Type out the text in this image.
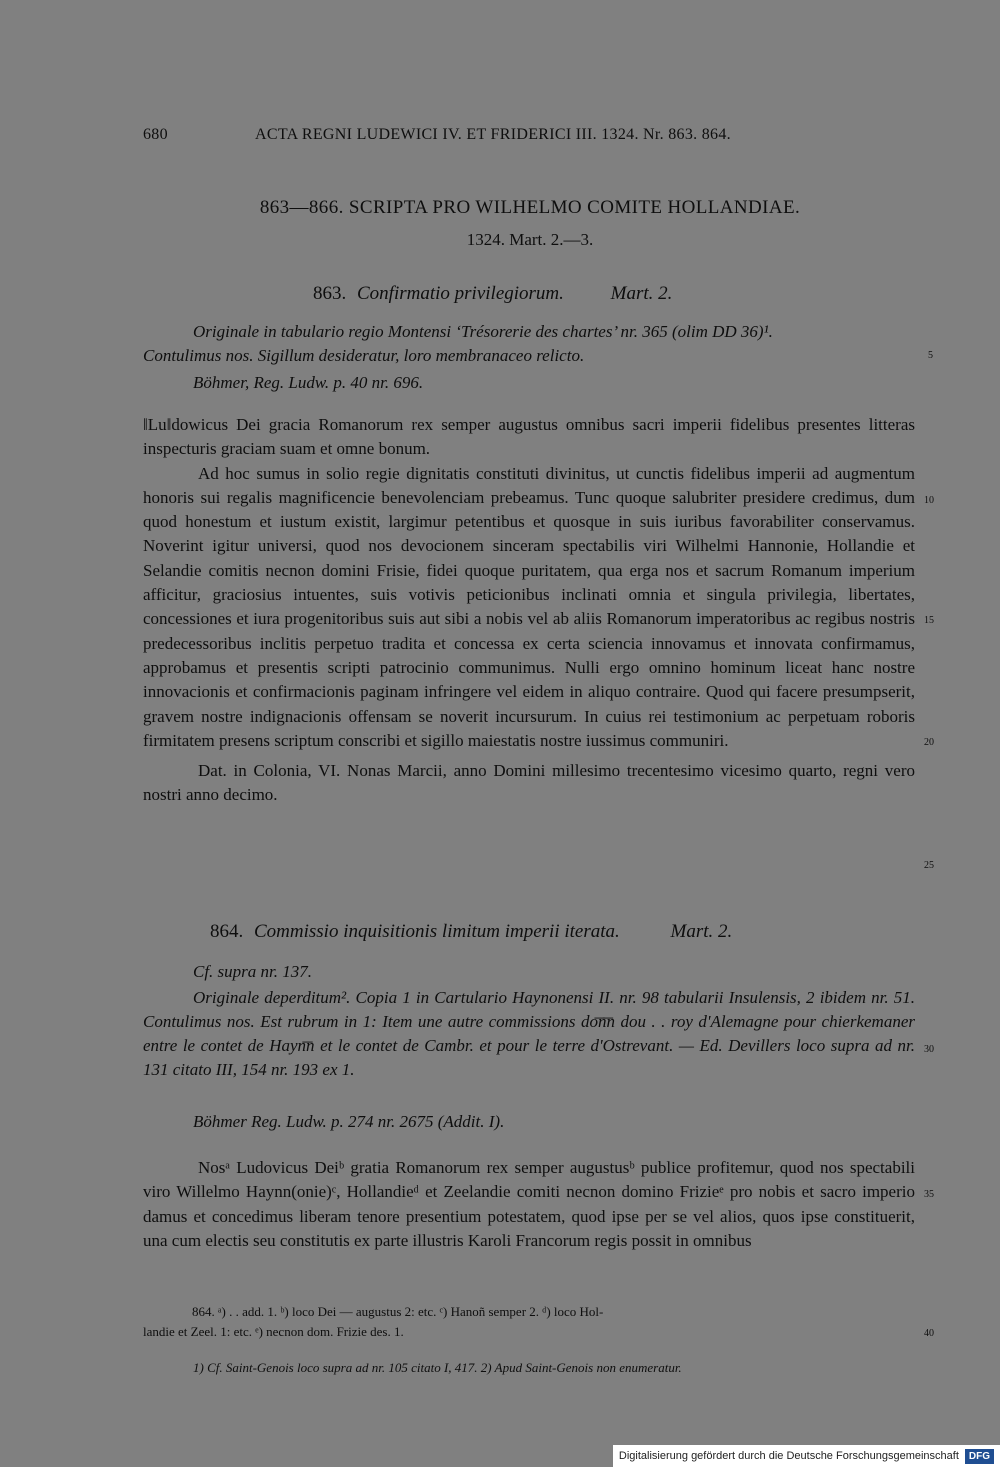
680	ACTA REGNI LUDEWICI IV. ET FRIDERICI III. 1324. Nr. 863. 864.
863—866. SCRIPTA PRO WILHELMO COMITE HOLLANDIAE.
1324. Mart. 2.—3.
863. Confirmatio privilegiorum. Mart. 2.
Originale in tabulario regio Montensi ‘Trésorerie des chartes’ nr. 365 (olim DD 36)¹.
Contulimus nos. Sigillum desideratur, loro membranaceo relicto.
Böhmer, Reg. Ludw. p. 40 nr. 696.

‖Lu‖dowicus Dei gracia Romanorum rex semper augustus omnibus sacri imperii fidelibus presentes litteras inspecturis graciam suam et omne bonum.

Ad hoc sumus in solio regie dignitatis constituti divinitus, ut cunctis fidelibus imperii ad augmentum honoris sui regalis magnificencie benevolenciam prebeamus. Tunc quoque salubriter presidere credimus, dum quod honestum et iustum existit, largimur petentibus et quosque in suis iuribus favorabiliter conservamus. Noverint igitur universi, quod nos devocionem sinceram spectabilis viri Wilhelmi Hannonie, Hollandie et Selandie comitis necnon domini Frisie, fidei quoque puritatem, qua erga nos et sacrum Romanum imperium afficitur, graciosius intuentes, suis votivis peticionibus inclinati omnia et singula privilegia, libertates, concessiones et iura progenitoribus suis aut sibi a nobis vel ab aliis Romanorum imperatoribus ac regibus nostris predecessoribus inclitis perpetuo tradita et concessa ex certa sciencia innovamus et innovata confirmamus, approbamus et presentis scripti patrocinio communimus. Nulli ergo omnino hominum liceat hanc nostre innovacionis et confirmacionis paginam infringere vel eidem in aliquo contraire. Quod qui facere presumpserit, gravem nostre indignacionis offensam se noverit incursurum. In cuius rei testimonium ac perpetuam roboris firmitatem presens scriptum conscribi et sigillo maiestatis nostre iussimus communiri.

Dat. in Colonia, VI. Nonas Marcii, anno Domini millesimo trecentesimo vicesimo quarto, regni vero nostri anno decimo.

864. Commissio inquisitionis limitum imperii iterata.	Mart. 2.
Cf. supra nr. 137.
Originale deperditum². Copia 1 in Cartulario Haynonensi II. nr. 98 tabularii Insulensis, 2 ibidem nr. 51. Contulimus nos. Est rubrum in 1: Item une autre commissions do͞n͞n dou . . roy d'Alemagne pour chierkemaner entre le contet de Hayn͞n et le contet de Cambr. et pour le terre d'Ostrevant. — Ed. Devillers loco supra ad nr. 131 citato III, 154 nr. 193 ex 1.
Böhmer Reg. Ludw. p. 274 nr. 2675 (Addit. I).

Nosᵃ Ludovicus Deiᵇ gratia Romanorum rex semper augustusᵇ publice profitemur, quod nos spectabili viro Willelmo Haynn(onie)ᶜ, Hollandieᵈ et Zeelandie comiti necnon domino Frizieᵉ pro nobis et sacro imperio damus et concedimus liberam tenore presentium potestatem, quod ipse per se vel alios, quos ipse constituerit, una cum electis seu constitutis ex parte illustris Karoli Francorum regis possit in omnibus

864. ᵃ) . . add. 1. ᵇ) loco Dei — augustus 2: etc. ᶜ) Hanoñ semper 2. ᵈ) loco Hol-
landie et Zeel. 1: etc. ᵉ) necnon dom. Frizie des. 1.
1) Cf. Saint-Genois loco supra ad nr. 105 citato I, 417. 2) Apud Saint-Genois non enumeratur.
5
10
15
20
25
30
35
40
Digitalisierung gefördert durch die Deutsche Forschungsgemeinschaft	DFG
